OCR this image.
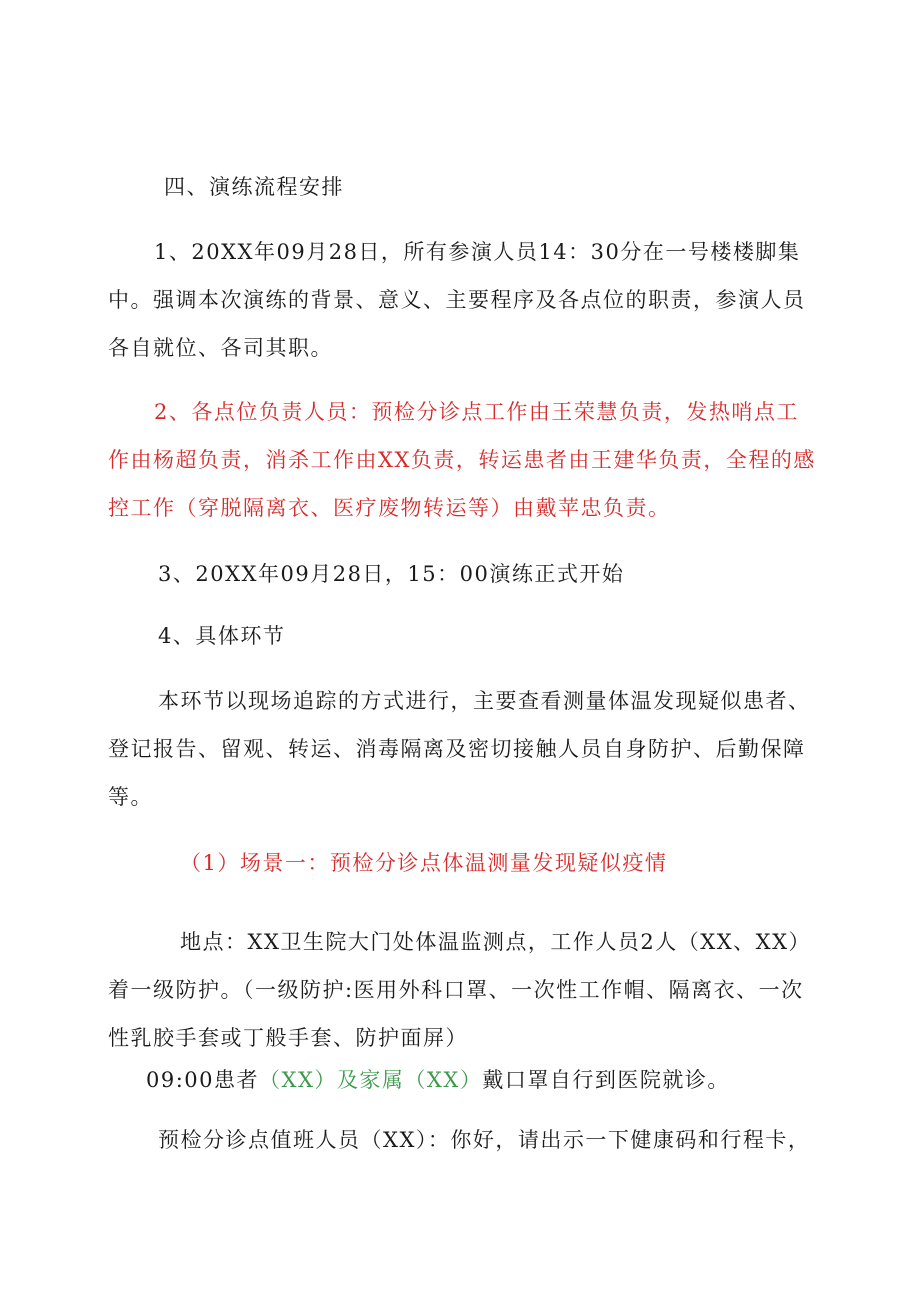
四、演练流程安排

1、20XX年09月28日，所有参演人员14：30分在一号楼楼脚集中。强调本次演练的背景、意义、主要程序及各点位的职责，参演人员各自就位、各司其职。

2、各点位负责人员：预检分诊点工作由王荣慧负责，发热哨点工作由杨超负责，消杀工作由XX负责，转运患者由王建华负责，全程的感控工作（穿脱隔离衣、医疗废物转运等）由戴苹忠负责。

3、20XX年09月28日，15：00演练正式开始

4、具体环节

本环节以现场追踪的方式进行，主要查看测量体温发现疑似患者、登记报告、留观、转运、消毒隔离及密切接触人员自身防护、后勤保障等。

（1）场景一：预检分诊点体温测量发现疑似疫情

地点：XX卫生院大门处体温监测点，工作人员2人（XX、XX）着一级防护。（一级防护:医用外科口罩、一次性工作帽、隔离衣、一次性乳胶手套或丁般手套、防护面屏）

09:00患者（XX）及家属（XX）戴口罩自行到医院就诊。

预检分诊点值班人员（XX）：你好，请出示一下健康码和行程卡，
